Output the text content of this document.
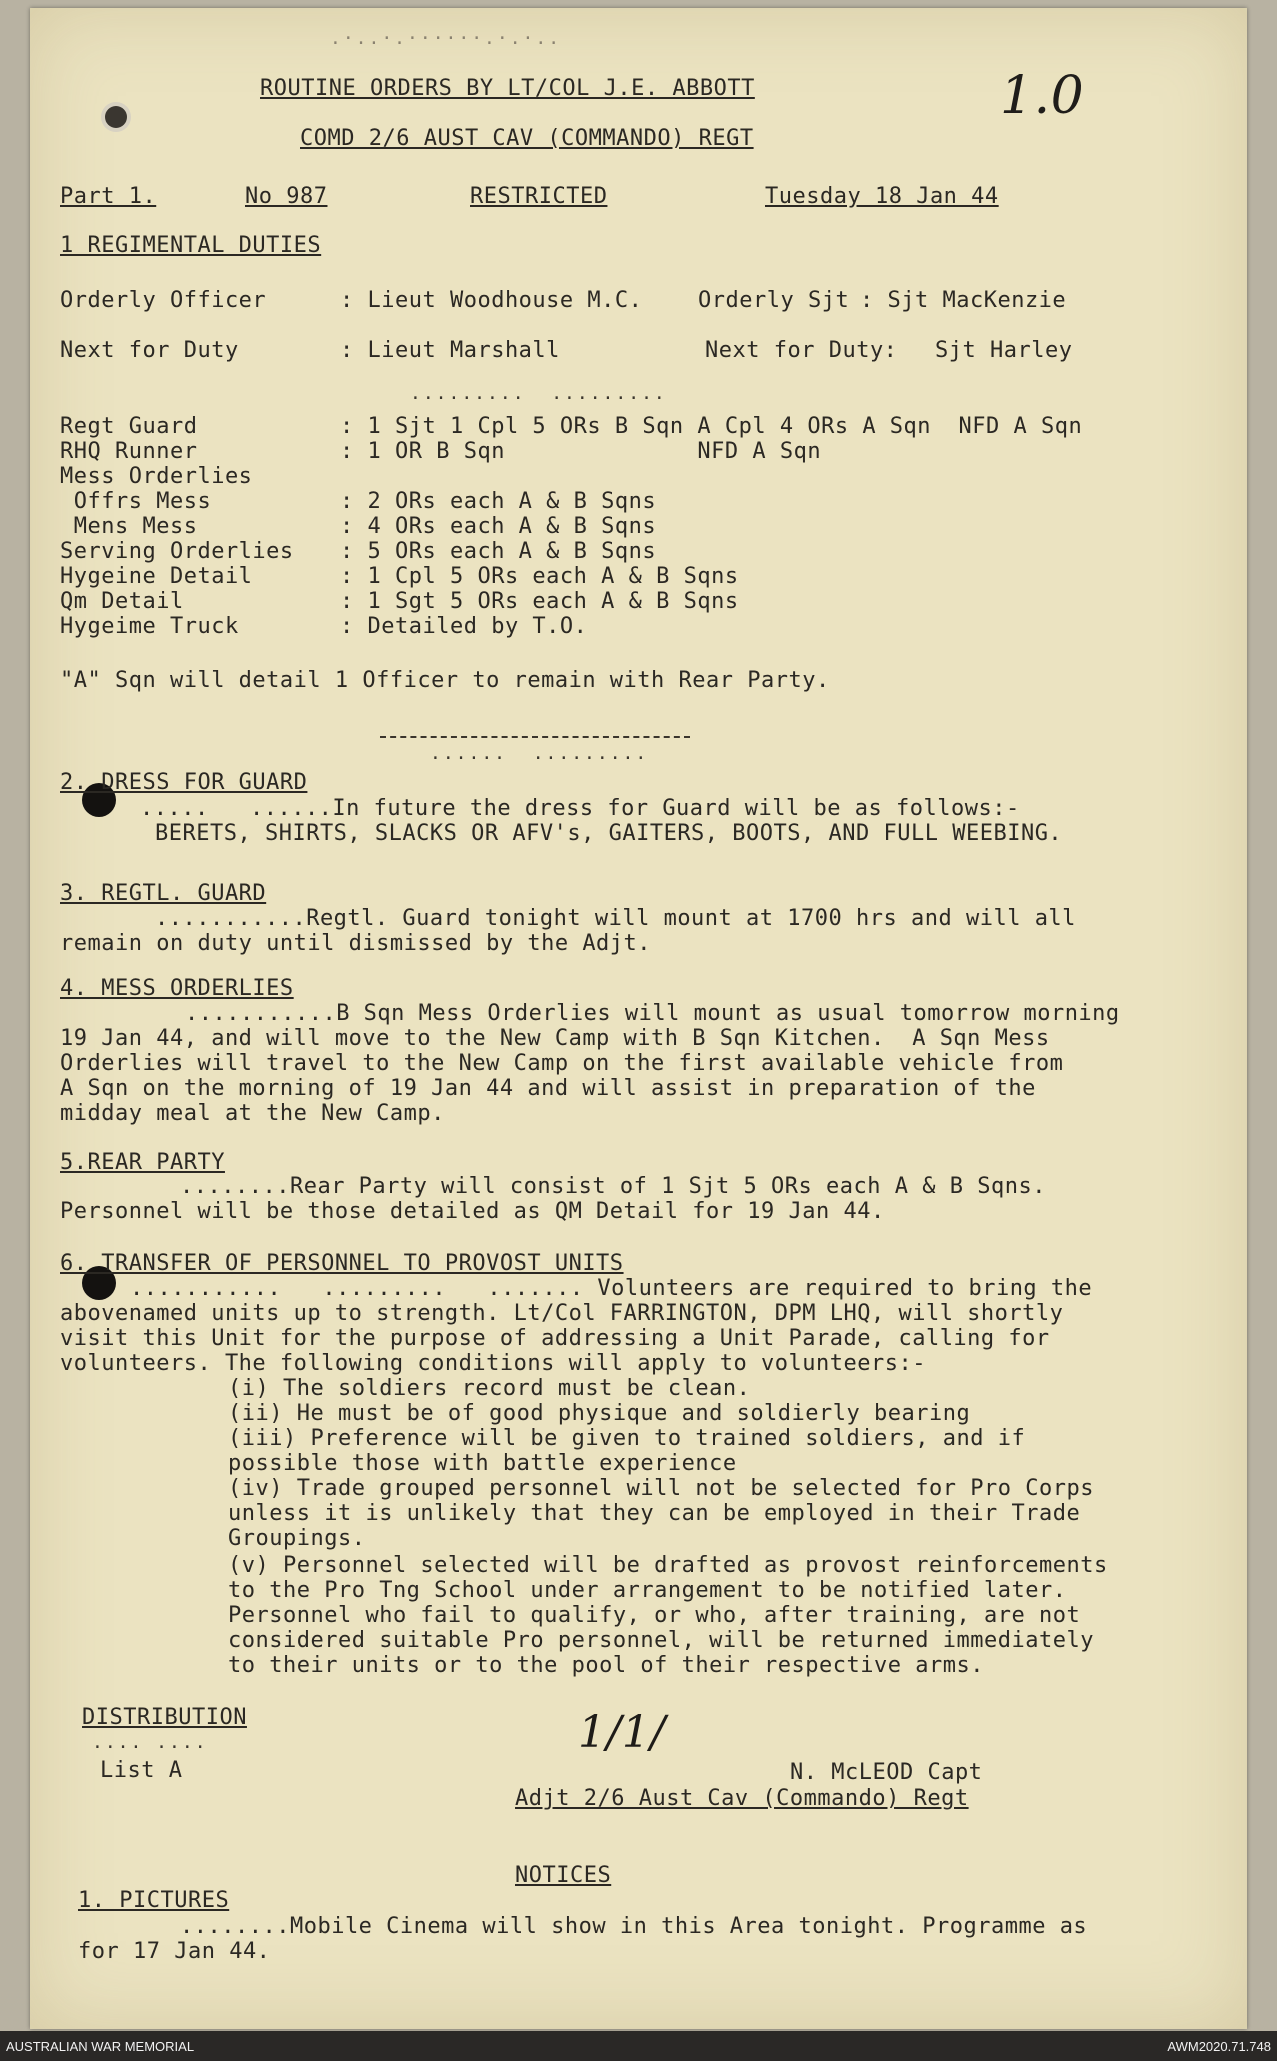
.·..·.······.·.·..
ROUTINE ORDERS BY LT/COL J.E. ABBOTT
COMD 2/6 AUST CAV (COMMANDO) REGT
1.0
Part 1.	No 987	RESTRICTED	Tuesday 18 Jan 44
1 REGIMENTAL DUTIES
Orderly Officer	: Lieut Woodhouse M.C.	Orderly Sjt : Sjt MacKenzie
Next for Duty	: Lieut Marshall	Next for Duty: Sjt Harley
·········  ·········
Regt Guard	: 1 Sjt 1 Cpl 5 ORs B Sqn A Cpl 4 ORs A Sqn  NFD A Sqn
RHQ Runner	: 1 OR B Sqn              NFD A Sqn
Mess Orderlies
Offrs Mess	: 2 ORs each A & B Sqns
Mens Mess	: 4 ORs each A & B Sqns
Serving Orderlies : 5 ORs each A & B Sqns
Hygeine Detail	: 1 Cpl 5 ORs each A & B Sqns
Qm Detail	: 1 Sgt 5 ORs each A & B Sqns
Hygeime Truck	: Detailed by T.O.
"A" Sqn will detail 1 Officer to remain with Rear Party.
······  ·········
2. DRESS FOR GUARD
.....   ......In future the dress for Guard will be as follows:-
BERETS, SHIRTS, SLACKS OR AFV's, GAITERS, BOOTS, AND FULL WEEBING.
3. REGTL. GUARD
...........Regtl. Guard tonight will mount at 1700 hrs and will all
remain on duty until dismissed by the Adjt.
4. MESS ORDERLIES
...........B Sqn Mess Orderlies will mount as usual tomorrow morning
19 Jan 44, and will move to the New Camp with B Sqn Kitchen.  A Sqn Mess
Orderlies will travel to the New Camp on the first available vehicle from
A Sqn on the morning of 19 Jan 44 and will assist in preparation of the
midday meal at the New Camp.
5.REAR PARTY
........Rear Party will consist of 1 Sjt 5 ORs each A & B Sqns.
Personnel will be those detailed as QM Detail for 19 Jan 44.
6. TRANSFER OF PERSONNEL TO PROVOST UNITS
...........   .........   ....... Volunteers are required to bring the
abovenamed units up to strength. Lt/Col FARRINGTON, DPM LHQ, will shortly
visit this Unit for the purpose of addressing a Unit Parade, calling for
volunteers. The following conditions will apply to volunteers:-
(i) The soldiers record must be clean.
(ii) He must be of good physique and soldierly bearing
(iii) Preference will be given to trained soldiers, and if
possible those with battle experience
(iv) Trade grouped personnel will not be selected for Pro Corps
unless it is unlikely that they can be employed in their Trade
Groupings.
(v) Personnel selected will be drafted as provost reinforcements
to the Pro Tng School under arrangement to be notified later.
Personnel who fail to qualify, or who, after training, are not
considered suitable Pro personnel, will be returned immediately
to their units or to the pool of their respective arms.
DISTRIBUTION
.... ....
List A
1/1/
N. McLEOD Capt
Adjt 2/6 Aust Cav (Commando) Regt
NOTICES
1. PICTURES
........Mobile Cinema will show in this Area tonight. Programme as
for 17 Jan 44.
AUSTRALIAN WAR MEMORIAL	AWM2020.71.748
